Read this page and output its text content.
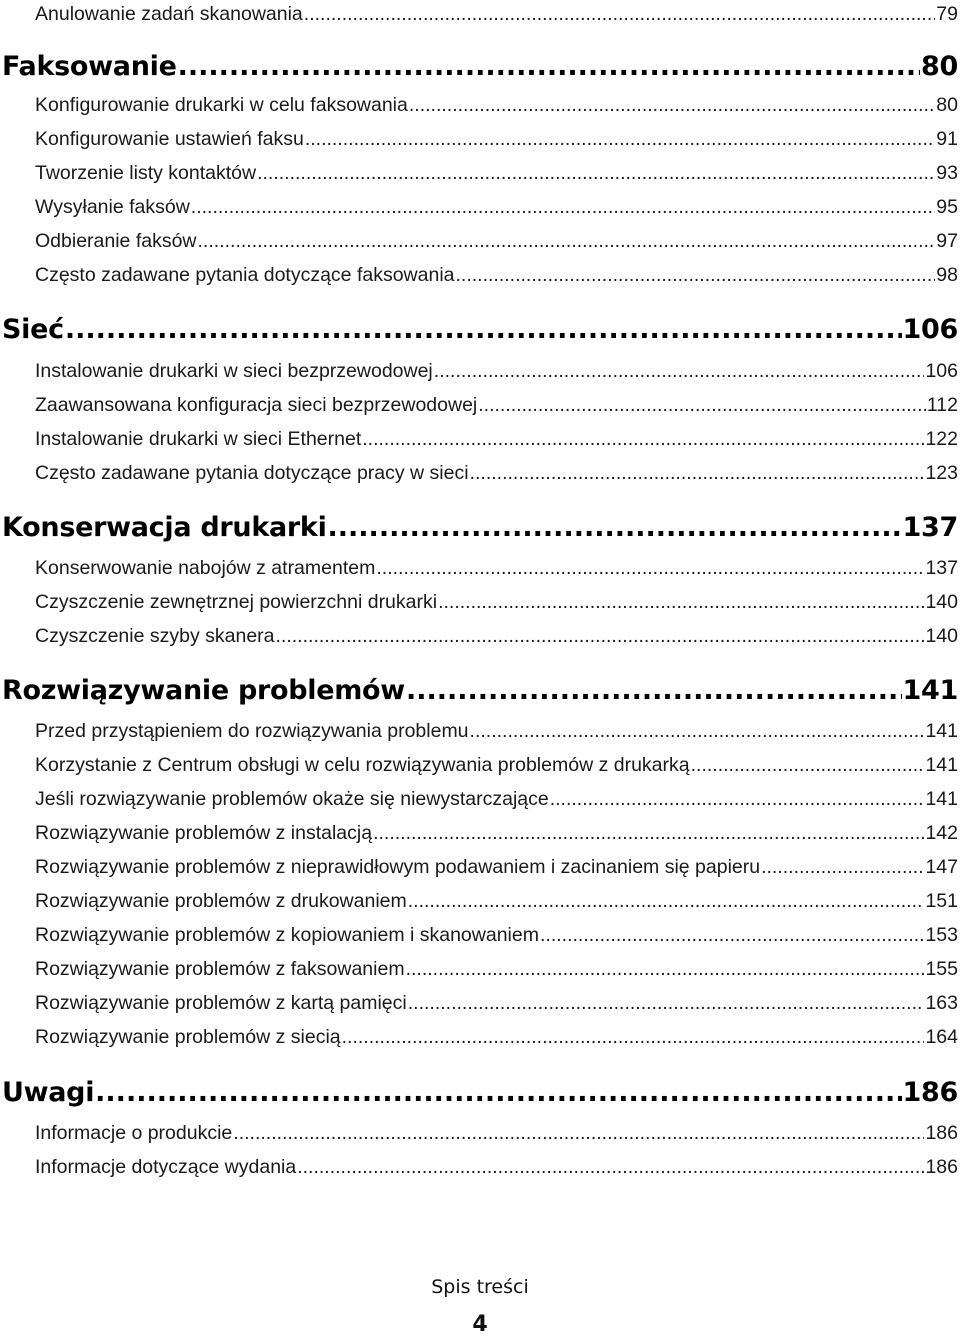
Anulowanie zadań skanowania .....	79
Faksowanie .....	80
Konfigurowanie drukarki w celu faksowania .....	80
Konfigurowanie ustawień faksu .....	91
Tworzenie listy kontaktów .....	93
Wysyłanie faksów .....	95
Odbieranie faksów .....	97
Często zadawane pytania dotyczące faksowania .....	98
Sieć .....	106
Instalowanie drukarki w sieci bezprzewodowej .....	106
Zaawansowana konfiguracja sieci bezprzewodowej .....	112
Instalowanie drukarki w sieci Ethernet .....	122
Często zadawane pytania dotyczące pracy w sieci .....	123
Konserwacja drukarki .....	137
Konserwowanie nabojów z atramentem .....	137
Czyszczenie zewnętrznej powierzchni drukarki .....	140
Czyszczenie szyby skanera .....	140
Rozwiązywanie problemów .....	141
Przed przystąpieniem do rozwiązywania problemu .....	141
Korzystanie z Centrum obsługi w celu rozwiązywania problemów z drukarką .....	141
Jeśli rozwiązywanie problemów okaże się niewystarczające .....	141
Rozwiązywanie problemów z instalacją .....	142
Rozwiązywanie problemów z nieprawidłowym podawaniem i zacinaniem się papieru .....	147
Rozwiązywanie problemów z drukowaniem .....	151
Rozwiązywanie problemów z kopiowaniem i skanowaniem .....	153
Rozwiązywanie problemów z faksowaniem .....	155
Rozwiązywanie problemów z kartą pamięci .....	163
Rozwiązywanie problemów z siecią .....	164
Uwagi .....	186
Informacje o produkcie .....	186
Informacje dotyczące wydania .....	186
Spis treści
4
